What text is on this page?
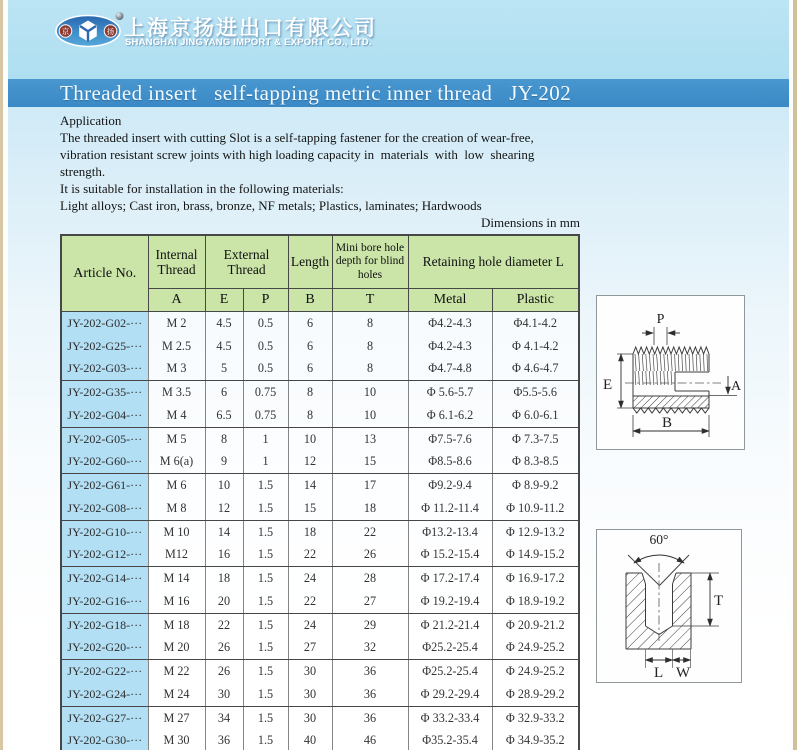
Threaded insert   self-tapping metric inner thread   JY-202
京	扬 上海京扬进出口有限公司
SHANGHAI JINGYANG IMPORT & EXPORT CO., LTD.
Application
The threaded insert with cutting Slot is a self-tapping fastener for the creation of wear-free,
vibration resistant screw joints with high loading capacity in  materials  with  low  shearing
strength.
It is suitable for installation in the following materials:
Light alloys; Cast iron, brass, bronze, NF metals; Plastics, laminates; Hardwoods
Dimensions in mm
Article No.	Internal Thread	External Thread		Length	Mini bore hole depth for blind holes	Retaining hole diameter L	
	A	E	P	B	T	Metal	Plastic
JY-202-G02-···	M 2	4.5	0.5	6	8	Φ4.2-4.3	Φ4.1-4.2
JY-202-G25-···	M 2.5	4.5	0.5	6	8	Φ4.2-4.3	Φ 4.1-4.2
JY-202-G03-···	M 3	5	0.5	6	8	Φ4.7-4.8	Φ 4.6-4.7
JY-202-G35-···	M 3.5	6	0.75	8	10	Φ 5.6-5.7	Φ5.5-5.6
JY-202-G04-···	M 4	6.5	0.75	8	10	Φ 6.1-6.2	Φ 6.0-6.1
JY-202-G05-···	M 5	8	1	10	13	Φ7.5-7.6	Φ 7.3-7.5
JY-202-G60-···	M 6(a)	9	1	12	15	Φ8.5-8.6	Φ 8.3-8.5
JY-202-G61-···	M 6	10	1.5	14	17	Φ9.2-9.4	Φ 8.9-9.2
JY-202-G08-···	M 8	12	1.5	15	18	Φ 11.2-11.4	Φ 10.9-11.2
JY-202-G10-···	M 10	14	1.5	18	22	Φ13.2-13.4	Φ 12.9-13.2
JY-202-G12-···	M12	16	1.5	22	26	Φ 15.2-15.4	Φ 14.9-15.2
JY-202-G14-···	M 14	18	1.5	24	28	Φ 17.2-17.4	Φ 16.9-17.2
JY-202-G16-···	M 16	20	1.5	22	27	Φ 19.2-19.4	Φ 18.9-19.2
JY-202-G18-···	M 18	22	1.5	24	29	Φ 21.2-21.4	Φ 20.9-21.2
JY-202-G20-···	M 20	26	1.5	27	32	Φ25.2-25.4	Φ 24.9-25.2
JY-202-G22-···	M 22	26	1.5	30	36	Φ25.2-25.4	Φ 24.9-25.2
JY-202-G24-···	M 24	30	1.5	30	36	Φ 29.2-29.4	Φ 28.9-29.2
JY-202-G27-···	M 27	34	1.5	30	36	Φ 33.2-33.4	Φ 32.9-33.2
JY-202-G30-···	M 30	36	1.5	40	46	Φ35.2-35.4	Φ 34.9-35.2
P
E	A
B
60°
T
L W
